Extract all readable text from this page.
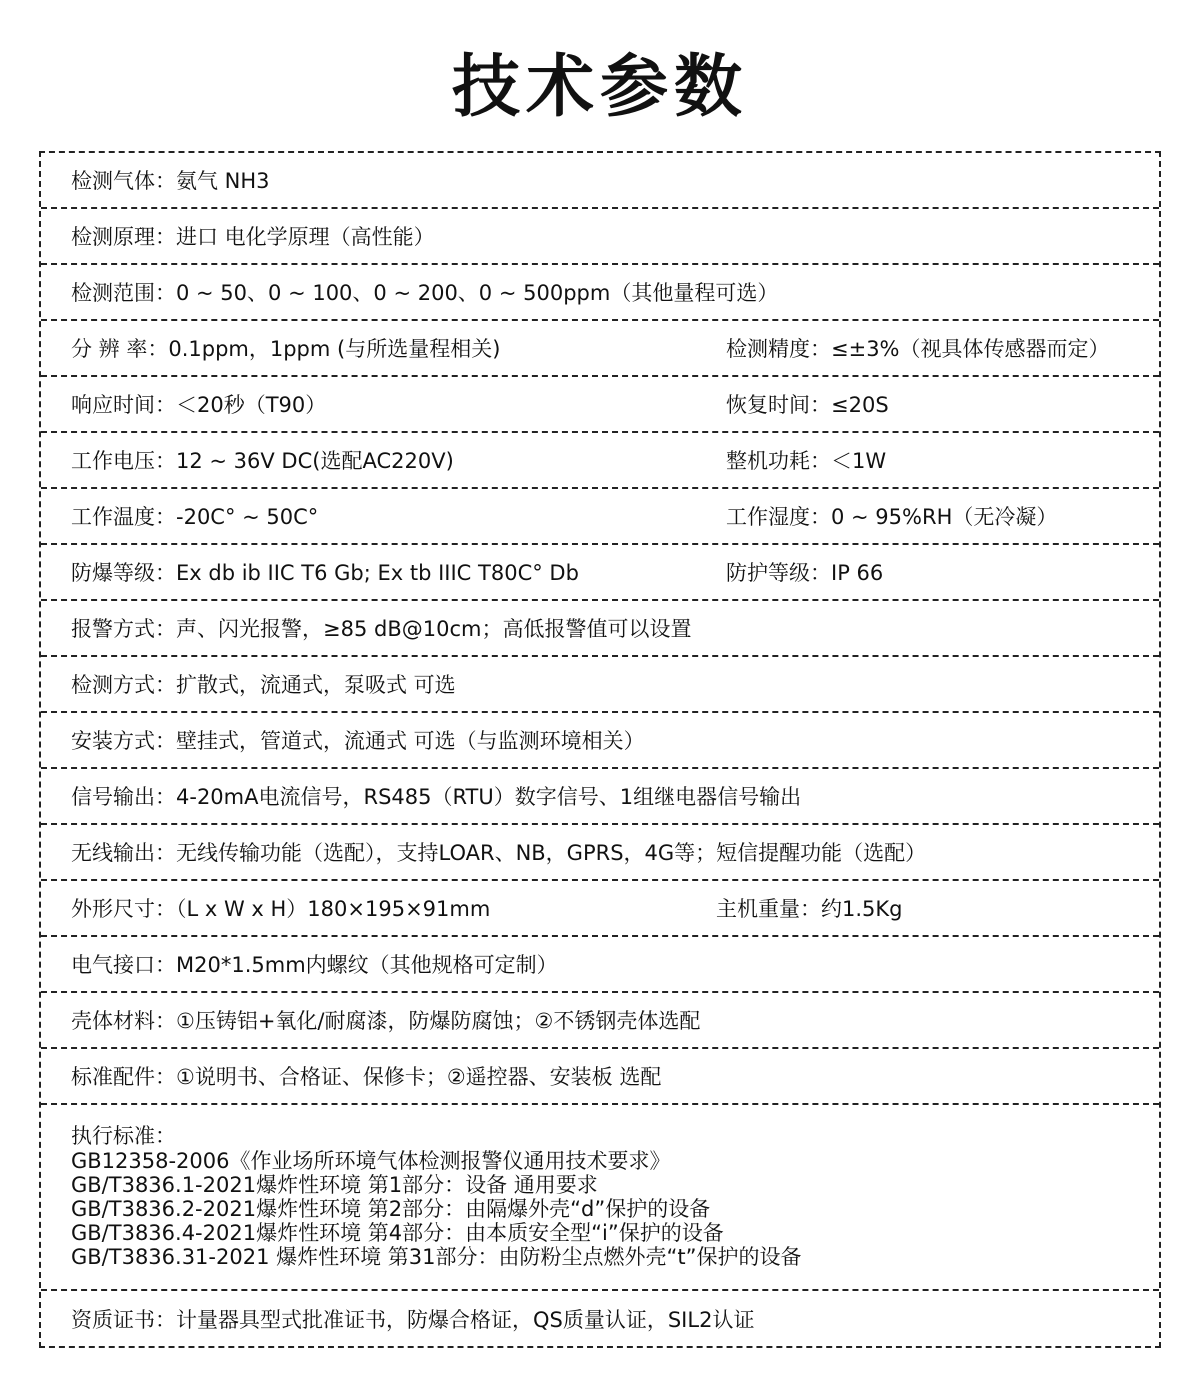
技术参数
检测气体：氨气 NH3
检测原理：进口 电化学原理（高性能）
检测范围：0 ~ 50、0 ~ 100、0 ~ 200、0 ~ 500ppm（其他量程可选）
分 辨 率：0.1ppm，1ppm (与所选量程相关)	检测精度：≤±3%（视具体传感器而定）
响应时间：＜20秒（T90）	恢复时间：≤20S
工作电压：12 ~ 36V DC(选配AC220V)	整机功耗：＜1W
工作温度：-20C° ~ 50C°	工作湿度：0 ~ 95%RH（无冷凝）
防爆等级：Ex db ib IIC T6 Gb; Ex tb IIIC T80C° Db	防护等级：IP 66
报警方式：声、闪光报警，≥85 dB@10cm；高低报警值可以设置
检测方式：扩散式，流通式，泵吸式 可选
安装方式：壁挂式，管道式，流通式 可选（与监测环境相关）
信号输出：4-20mA电流信号，RS485（RTU）数字信号、1组继电器信号输出
无线输出：无线传输功能（选配），支持LOAR、NB，GPRS，4G等；短信提醒功能（选配）
外形尺寸：（L x W x H）180×195×91mm	主机重量：约1.5Kg
电气接口：M20*1.5mm内螺纹（其他规格可定制）
壳体材料：①压铸铝+氧化/耐腐漆，防爆防腐蚀；②不锈钢壳体选配
标准配件：①说明书、合格证、保修卡；②遥控器、安装板 选配
执行标准：
GB12358-2006《作业场所环境气体检测报警仪通用技术要求》
GB/T3836.1-2021爆炸性环境 第1部分：设备 通用要求
GB/T3836.2-2021爆炸性环境 第2部分：由隔爆外壳“d”保护的设备
GB/T3836.4-2021爆炸性环境 第4部分：由本质安全型“i”保护的设备
GB/T3836.31-2021 爆炸性环境 第31部分：由防粉尘点燃外壳“t”保护的设备
资质证书：计量器具型式批准证书，防爆合格证，QS质量认证，SIL2认证
